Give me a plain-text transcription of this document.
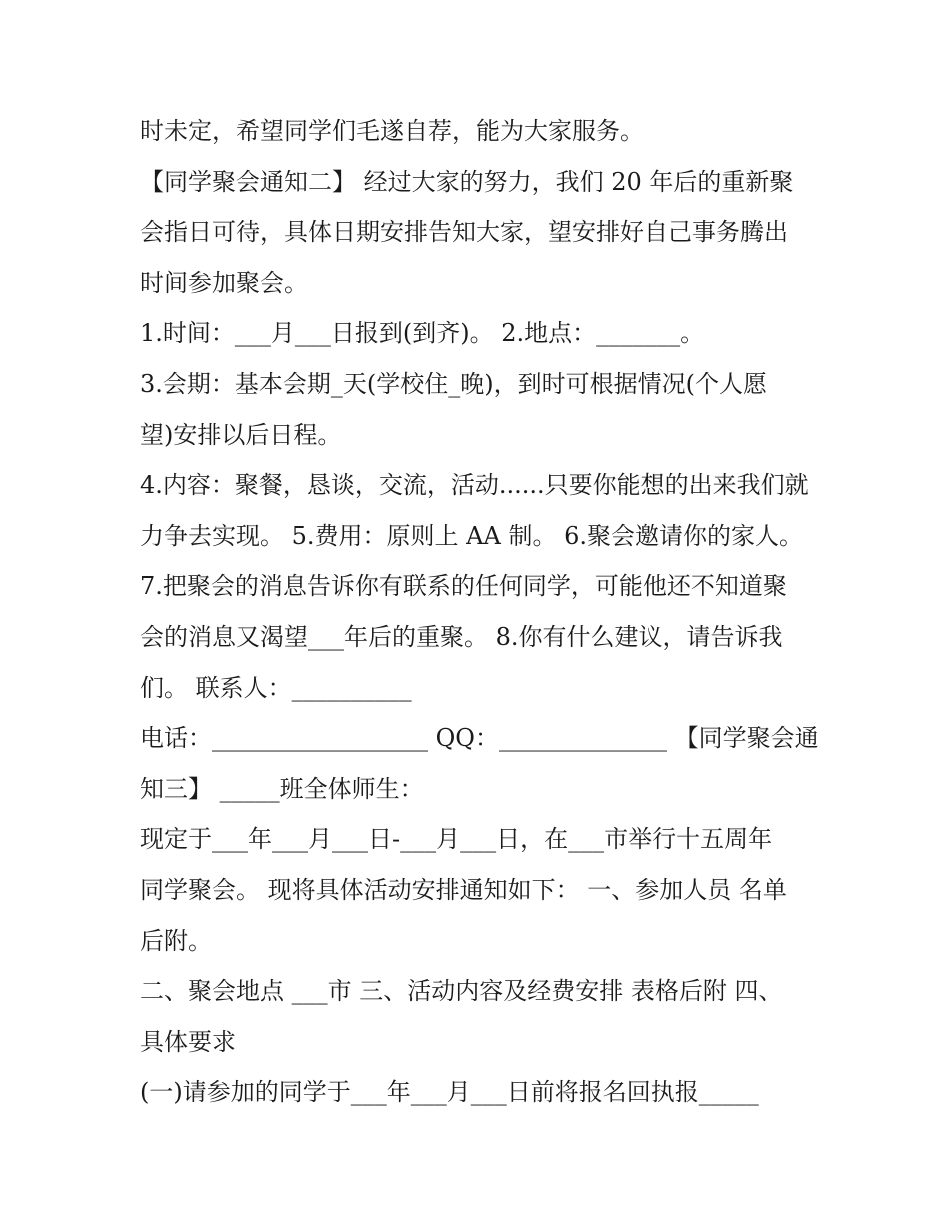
时未定，希望同学们毛遂自荐，能为大家服务。
【同学聚会通知二】 经过大家的努力，我们 20 年后的重新聚
会指日可待，具体日期安排告知大家，望安排好自己事务腾出
时间参加聚会。
1.时间：___月___日报到(到齐)。 2.地点：_______。
3.会期：基本会期_天(学校住_晚)，到时可根据情况(个人愿
望)安排以后日程。
4.内容：聚餐，恳谈，交流，活动......只要你能想的出来我们就
力争去实现。 5.费用：原则上 AA 制。 6.聚会邀请你的家人。
7.把聚会的消息告诉你有联系的任何同学，可能他还不知道聚
会的消息又渴望___年后的重聚。 8.你有什么建议，请告诉我
们。 联系人：__________
电话：__________________ QQ：______________ 【同学聚会通
知三】 _____班全体师生：
现定于___年___月___日-___月___日，在___市举行十五周年
同学聚会。 现将具体活动安排通知如下： 一、参加人员 名单
后附。
二、聚会地点 ___市 三、活动内容及经费安排 表格后附 四、
具体要求
(一)请参加的同学于___年___月___日前将报名回执报_____
